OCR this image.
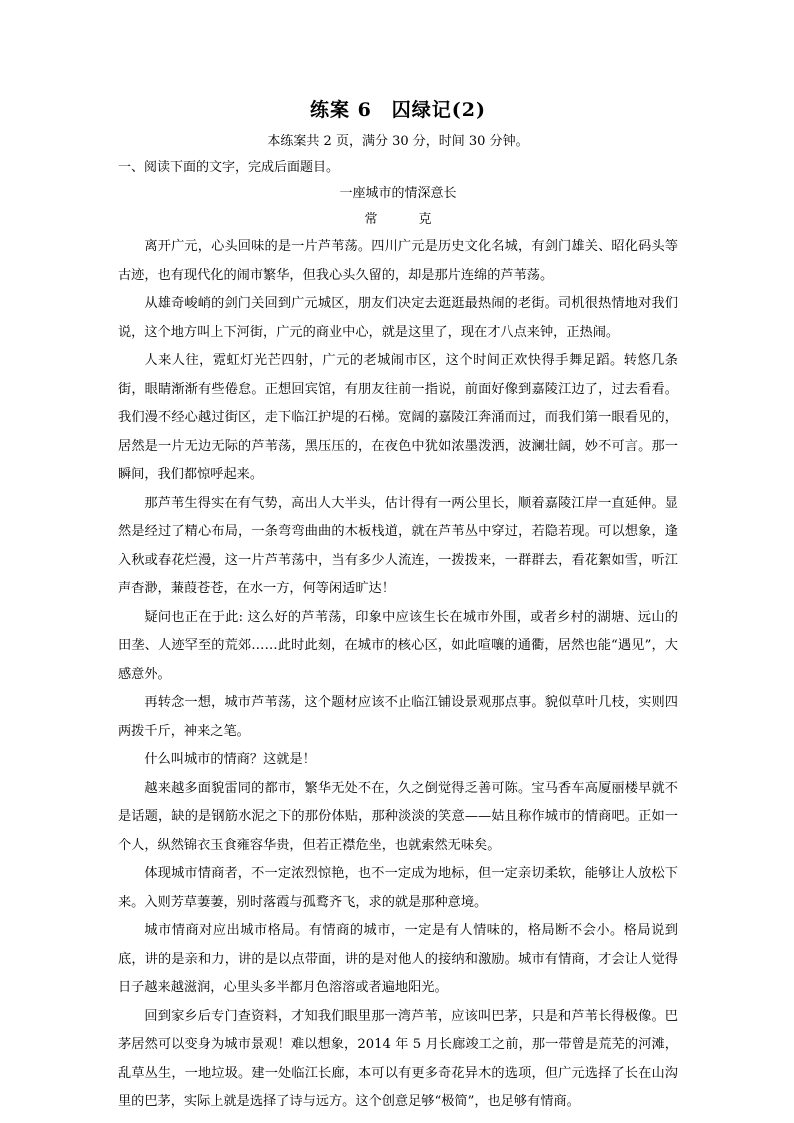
练案 6　囚绿记(2)

本练案共 2 页，满分 30 分，时间 30 分钟。

一、阅读下面的文字，完成后面题目。

一座城市的情深意长

常　克

离开广元，心头回味的是一片芦苇荡。四川广元是历史文化名城，有剑门雄关、昭化码头等古迹，也有现代化的闹市繁华，但我心头久留的，却是那片连绵的芦苇荡。

从雄奇峻峭的剑门关回到广元城区，朋友们决定去逛逛最热闹的老街。司机很热情地对我们说，这个地方叫上下河街，广元的商业中心，就是这里了，现在才八点来钟，正热闹。

人来人往，霓虹灯光芒四射，广元的老城闹市区，这个时间正欢快得手舞足蹈。转悠几条街，眼睛渐渐有些倦怠。正想回宾馆，有朋友往前一指说，前面好像到嘉陵江边了，过去看看。我们漫不经心越过街区，走下临江护堤的石梯。宽阔的嘉陵江奔涌而过，而我们第一眼看见的，居然是一片无边无际的芦苇荡，黑压压的，在夜色中犹如浓墨泼洒，波澜壮阔，妙不可言。那一瞬间，我们都惊呼起来。

那芦苇生得实在有气势，高出人大半头，估计得有一两公里长，顺着嘉陵江岸一直延伸。显然是经过了精心布局，一条弯弯曲曲的木板栈道，就在芦苇丛中穿过，若隐若现。可以想象，逢入秋或春花烂漫，这一片芦苇荡中，当有多少人流连，一拨拨来，一群群去，看花絮如雪，听江声杳渺，蒹葭苍苍，在水一方，何等闲适旷达！

疑问也正在于此: 这么好的芦苇荡，印象中应该生长在城市外围，或者乡村的湖塘、远山的田垄、人迹罕至的荒郊……此时此刻，在城市的核心区，如此喧嚷的通衢，居然也能“遇见”，大感意外。

再转念一想，城市芦苇荡，这个题材应该不止临江铺设景观那点事。貌似草叶几枝，实则四两拨千斤，神来之笔。

什么叫城市的情商？这就是！

越来越多面貌雷同的都市，繁华无处不在，久之倒觉得乏善可陈。宝马香车高厦丽楼早就不是话题，缺的是钢筋水泥之下的那份体贴，那种淡淡的笑意——姑且称作城市的情商吧。正如一个人，纵然锦衣玉食雍容华贵，但若正襟危坐，也就索然无味矣。

体现城市情商者，不一定浓烈惊艳，也不一定成为地标，但一定亲切柔软，能够让人放松下来。入则芳草萋萋，别时落霞与孤鹜齐飞，求的就是那种意境。

城市情商对应出城市格局。有情商的城市，一定是有人情味的，格局断不会小。格局说到底，讲的是亲和力，讲的是以点带面，讲的是对他人的接纳和激励。城市有情商，才会让人觉得日子越来越滋润，心里头多半都月色溶溶或者遍地阳光。

回到家乡后专门查资料，才知我们眼里那一湾芦苇，应该叫巴茅，只是和芦苇长得极像。巴茅居然可以变身为城市景观！难以想象，2014 年 5 月长廊竣工之前，那一带曾是荒芜的河滩，乱草丛生，一地垃圾。建一处临江长廊，本可以有更多奇花异木的选项，但广元选择了长在山沟里的巴茅，实际上就是选择了诗与远方。这个创意足够“极简”，也足够有情商。
